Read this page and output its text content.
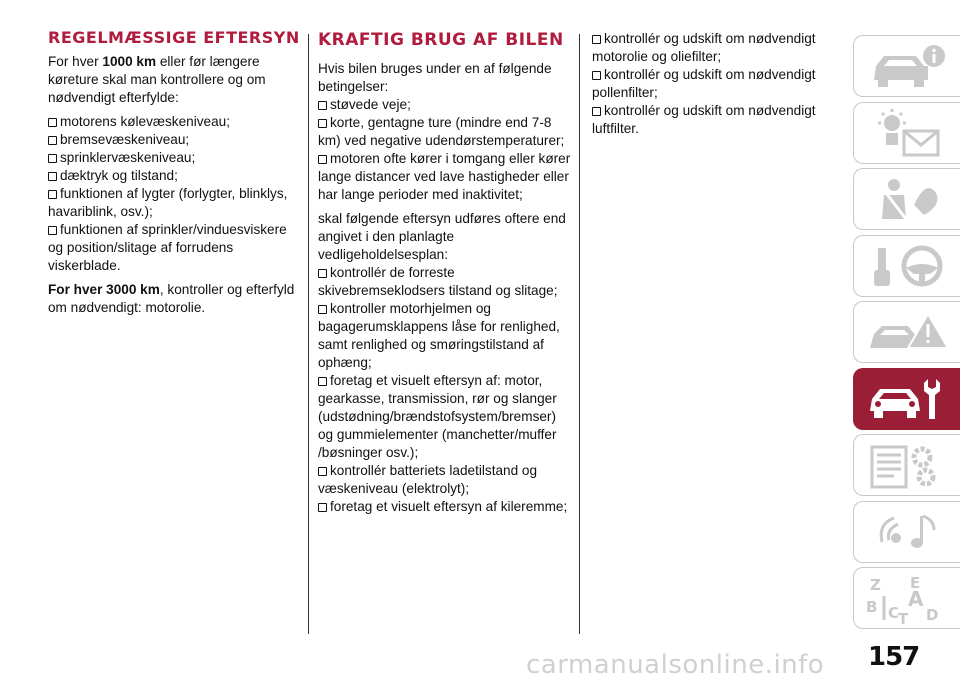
REGELMÆSSIGE EFTERSYN

For hver 1000 km eller før længere køreture skal man kontrollere og om nødvendigt efterfylde:

motorens kølevæskeniveau;
bremsevæskeniveau;
sprinklervæskeniveau;
dæktryk og tilstand;
funktionen af lygter (forlygter, blinklys, havariblink, osv.);
funktionen af sprinkler/vinduesviskere og position/slitage af forrudens viskerblade.

For hver 3000 km, kontroller og efterfyld om nødvendigt: motorolie.

KRAFTIG BRUG AF BILEN

Hvis bilen bruges under en af følgende betingelser:

støvede veje;
korte, gentagne ture (mindre end 7-8 km) ved negative udendørstemperaturer;
motoren ofte kører i tomgang eller kører lange distancer ved lave hastigheder eller har lange perioder med inaktivitet;

skal følgende eftersyn udføres oftere end angivet i den planlagte vedligeholdelsesplan:

kontrollér de forreste skivebremseklodsers tilstand og slitage;
kontroller motorhjelmen og bagagerumsklappens låse for renlighed, samt renlighed og smøringstilstand af ophæng;
foretag et visuelt eftersyn af: motor, gearkasse, transmission, rør og slanger (udstødning/brændstofsystem/bremser) og gummielementer (manchetter/muffer /bøsninger osv.);
kontrollér batteriets ladetilstand og væskeniveau (elektrolyt);
foretag et visuelt eftersyn af kileremme;
kontrollér og udskift om nødvendigt motorolie og oliefilter;
kontrollér og udskift om nødvendigt pollenfilter;
kontrollér og udskift om nødvendigt luftfilter.
Z E
A
B C D
T
carmanualsonline.info 157
